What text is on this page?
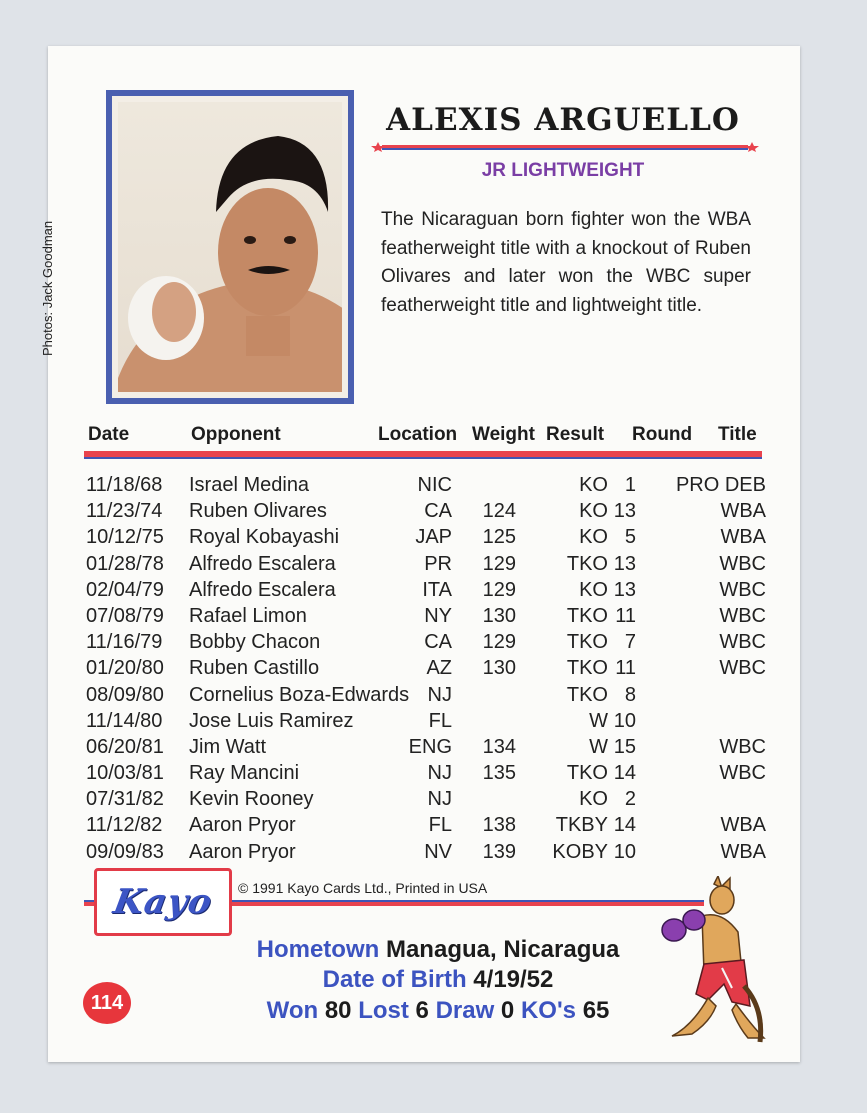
Photos: Jack Goodman
ALEXIS ARGUELLO
JR LIGHTWEIGHT
The Nicaraguan born fighter won the WBA featherweight title with a knockout of Ruben Olivares and later won the WBC super featherweight title and lightweight title.
Date	Opponent	Location Weight Result Round Title
11/18/68 Israel Medina	NIC	KO 1 PRO DEB
11/23/74 Ruben Olivares	CA 124	KO 13	WBA
10/12/75 Royal Kobayashi	JAP 125	KO 5	WBA
01/28/78 Alfredo Escalera	PR 129	TKO 13	WBC
02/04/79 Alfredo Escalera	ITA 129	KO 13	WBC
07/08/79 Rafael Limon	NY 130	TKO 11	WBC
11/16/79 Bobby Chacon	CA 129	TKO 7	WBC
01/20/80 Ruben Castillo	AZ 130	TKO 11	WBC
08/09/80 Cornelius Boza-Edwards NJ	TKO 8
11/14/80 Jose Luis Ramirez	FL	W 10
06/20/81 Jim Watt	ENG 134	W 15	WBC
10/03/81 Ray Mancini	NJ 135	TKO 14	WBC
07/31/82 Kevin Rooney	NJ	KO 2
11/12/82 Aaron Pryor	FL 138 TKBY 14	WBA
09/09/83 Aaron Pryor	NV 139 KOBY 10	WBA
Kayo © 1991 Kayo Cards Ltd., Printed in USA
Hometown Managua, Nicaragua
Date of Birth 4/19/52
Won 80 Lost 6 Draw 0 KO's 65
114
